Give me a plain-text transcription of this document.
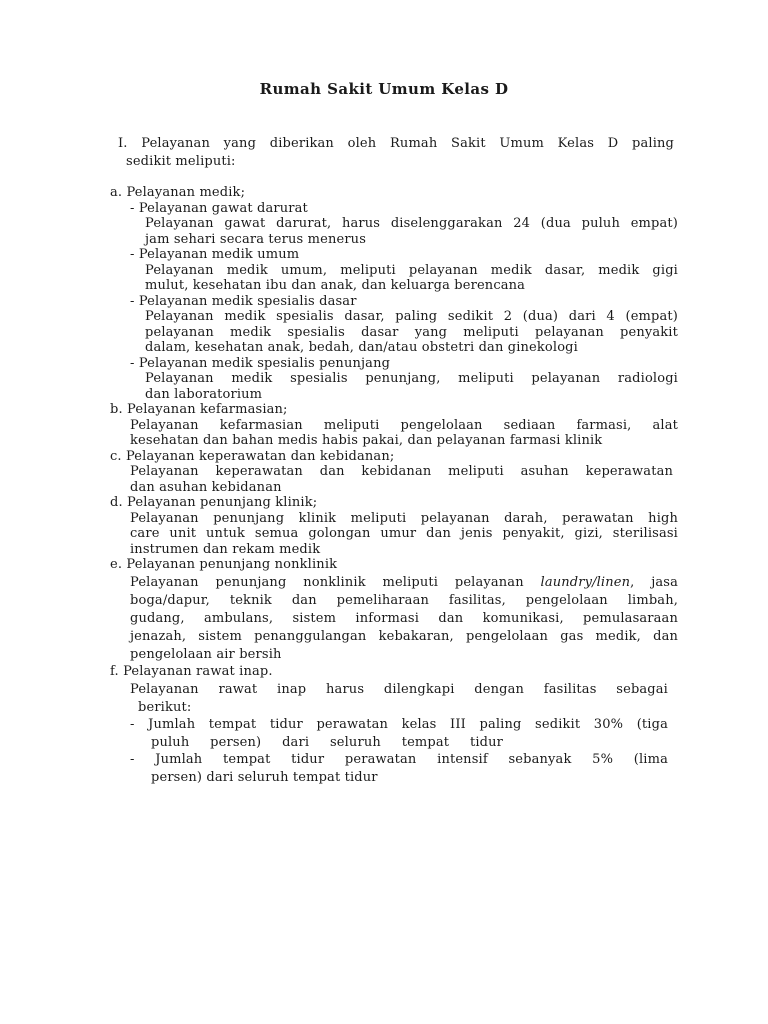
Rumah Sakit Umum Kelas D
I. Pelayanan yang diberikan oleh Rumah Sakit Umum Kelas D paling
sedikit meliputi:
a. Pelayanan medik;
- Pelayanan gawat darurat
Pelayanan gawat darurat, harus diselenggarakan 24 (dua puluh empat)
jam sehari secara terus menerus
- Pelayanan medik umum
Pelayanan medik umum, meliputi pelayanan medik dasar, medik gigi
mulut, kesehatan ibu dan anak, dan keluarga berencana
- Pelayanan medik spesialis dasar
Pelayanan medik spesialis dasar, paling sedikit 2 (dua) dari 4 (empat)
pelayanan medik spesialis dasar yang meliputi pelayanan penyakit
dalam, kesehatan anak, bedah, dan/atau obstetri dan ginekologi
- Pelayanan medik spesialis penunjang
Pelayanan medik spesialis penunjang, meliputi pelayanan radiologi
dan laboratorium
b. Pelayanan kefarmasian;
Pelayanan kefarmasian meliputi pengelolaan sediaan farmasi, alat
kesehatan dan bahan medis habis pakai, dan pelayanan farmasi klinik
c. Pelayanan keperawatan dan kebidanan;
Pelayanan keperawatan dan kebidanan meliputi asuhan keperawatan
dan asuhan kebidanan
d. Pelayanan penunjang klinik;
Pelayanan penunjang klinik meliputi pelayanan darah, perawatan high
care unit untuk semua golongan umur dan jenis penyakit, gizi, sterilisasi
instrumen dan rekam medik
e. Pelayanan penunjang nonklinik
Pelayanan penunjang nonklinik meliputi pelayanan laundry/linen, jasa
boga/dapur, teknik dan pemeliharaan fasilitas, pengelolaan limbah,
gudang, ambulans, sistem informasi dan komunikasi, pemulasaraan
jenazah, sistem penanggulangan kebakaran, pengelolaan gas medik, dan
pengelolaan air bersih
f. Pelayanan rawat inap.
Pelayanan rawat inap harus dilengkapi dengan fasilitas sebagai
berikut:
- Jumlah tempat tidur perawatan kelas III paling sedikit 30% (tiga
puluh persen) dari seluruh tempat tidur
- Jumlah tempat tidur perawatan intensif sebanyak 5% (lima
persen) dari seluruh tempat tidur
